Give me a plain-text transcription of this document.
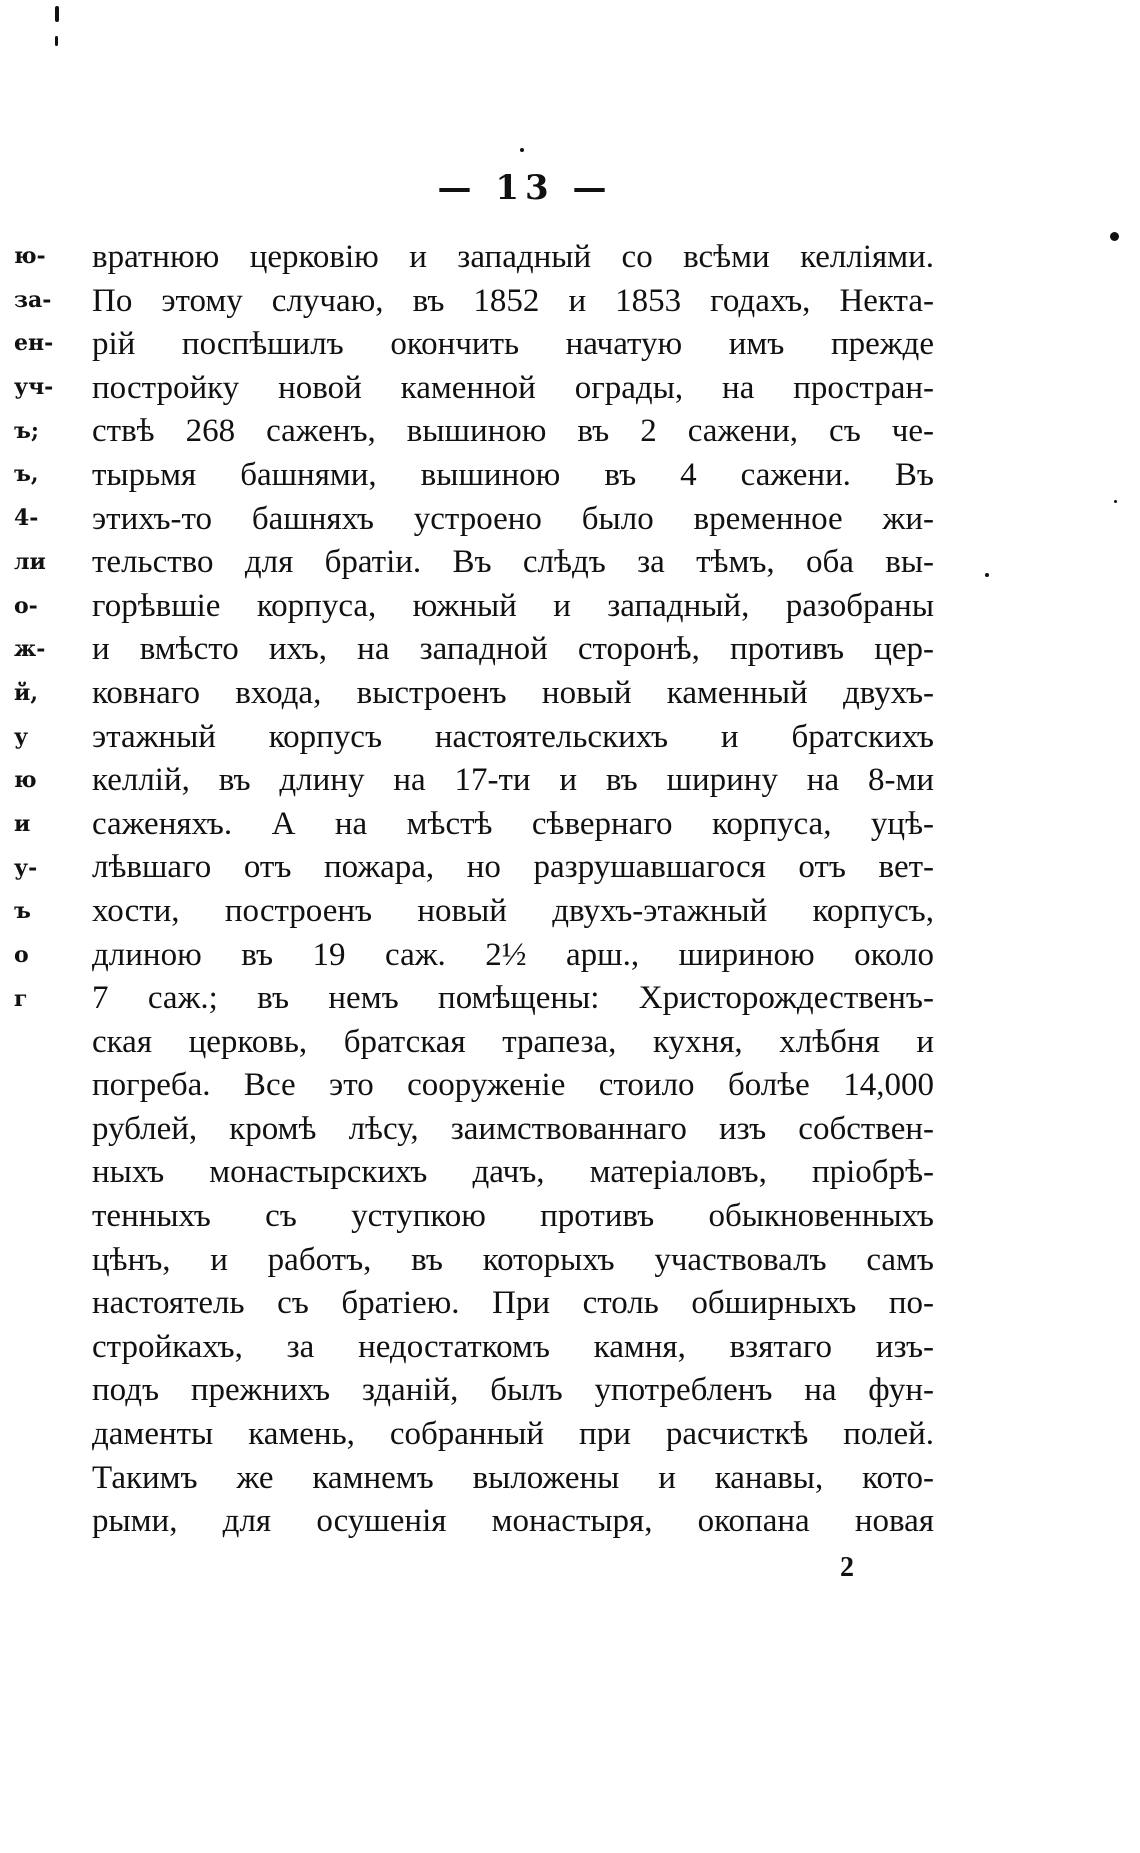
— 13 —
ю-
за-
ен-
уч-
ъ;
ъ,
4-
ли
о-
ж-
й,
у
ю
и
у-
ъ
о
г
вратнюю церковію и западный со всѣми келліями.
По этому случаю, въ 1852 и 1853 годахъ, Некта-
рій поспѣшилъ окончить начатую имъ прежде
постройку новой каменной ограды, на простран-
ствѣ 268 саженъ, вышиною въ 2 сажени, съ че-
тырьмя башнями, вышиною въ 4 сажени. Въ
этихъ-то башняхъ устроено было временное жи-
тельство для братіи. Въ слѣдъ за тѣмъ, оба вы-
горѣвшіе корпуса, южный и западный, разобраны
и вмѣсто ихъ, на западной сторонѣ, противъ цер-
ковнаго входа, выстроенъ новый каменный двухъ-
этажный корпусъ настоятельскихъ и братскихъ
келлій, въ длину на 17-ти и въ ширину на 8-ми
саженяхъ. А на мѣстѣ сѣвернаго корпуса, уцѣ-
лѣвшаго отъ пожара, но разрушавшагося отъ вет-
хости, построенъ новый двухъ-этажный корпусъ,
длиною въ 19 саж. 2½ арш., шириною около
7 саж.; въ немъ помѣщены: Христорождественъ-
ская церковь, братская трапеза, кухня, хлѣбня и
погреба. Все это сооруженіе стоило болѣе 14,000
рублей, кромѣ лѣсу, заимствованнаго изъ собствен-
ныхъ монастырскихъ дачъ, матеріаловъ, пріобрѣ-
тенныхъ съ уступкою противъ обыкновенныхъ
цѣнъ, и работъ, въ которыхъ участвовалъ самъ
настоятель съ братіею. При столь обширныхъ по-
стройкахъ, за недостаткомъ камня, взятаго изъ-
подъ прежнихъ зданій, былъ употребленъ на фун-
даменты камень, собранный при расчисткѣ полей.
Такимъ же камнемъ выложены и канавы, кото-
рыми, для осушенія монастыря, окопана новая
2
